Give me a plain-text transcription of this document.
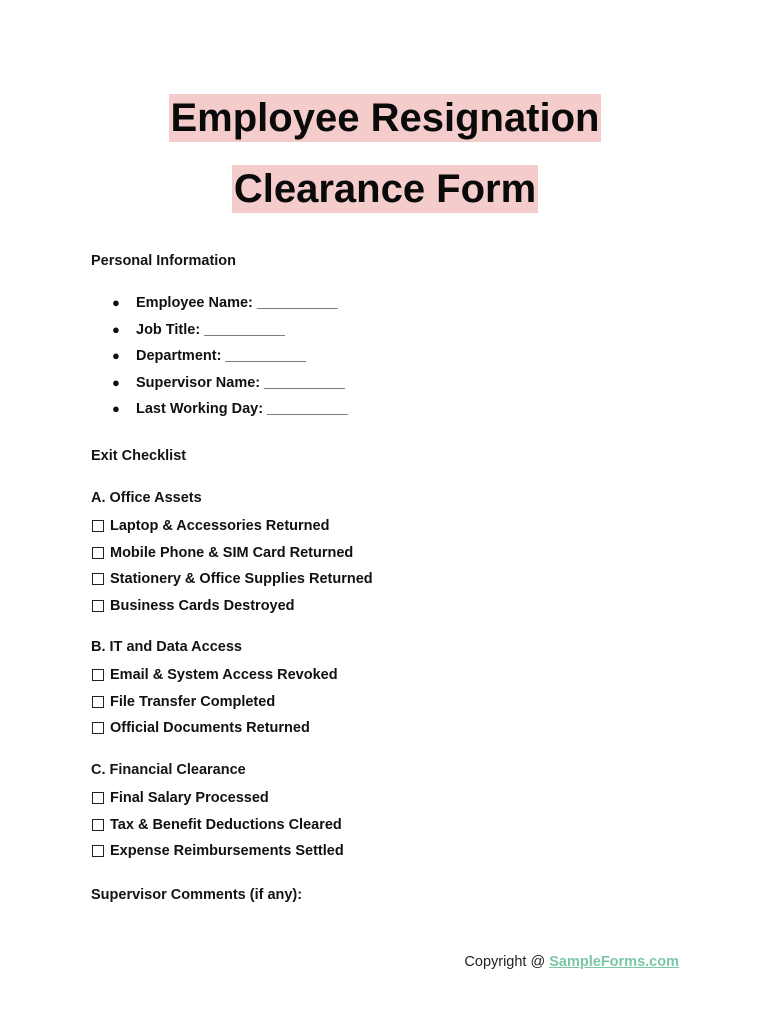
Employee Resignation
Clearance Form
Personal Information
●	Employee Name: __________
●	Job Title: __________
●	Department: __________
●	Supervisor Name: __________
●	Last Working Day: __________
Exit Checklist
A. Office Assets
Laptop & Accessories Returned
Mobile Phone & SIM Card Returned
Stationery & Office Supplies Returned
Business Cards Destroyed
B. IT and Data Access
Email & System Access Revoked
File Transfer Completed
Official Documents Returned
C. Financial Clearance
Final Salary Processed
Tax & Benefit Deductions Cleared
Expense Reimbursements Settled
Supervisor Comments (if any):
Copyright @ SampleForms.com
